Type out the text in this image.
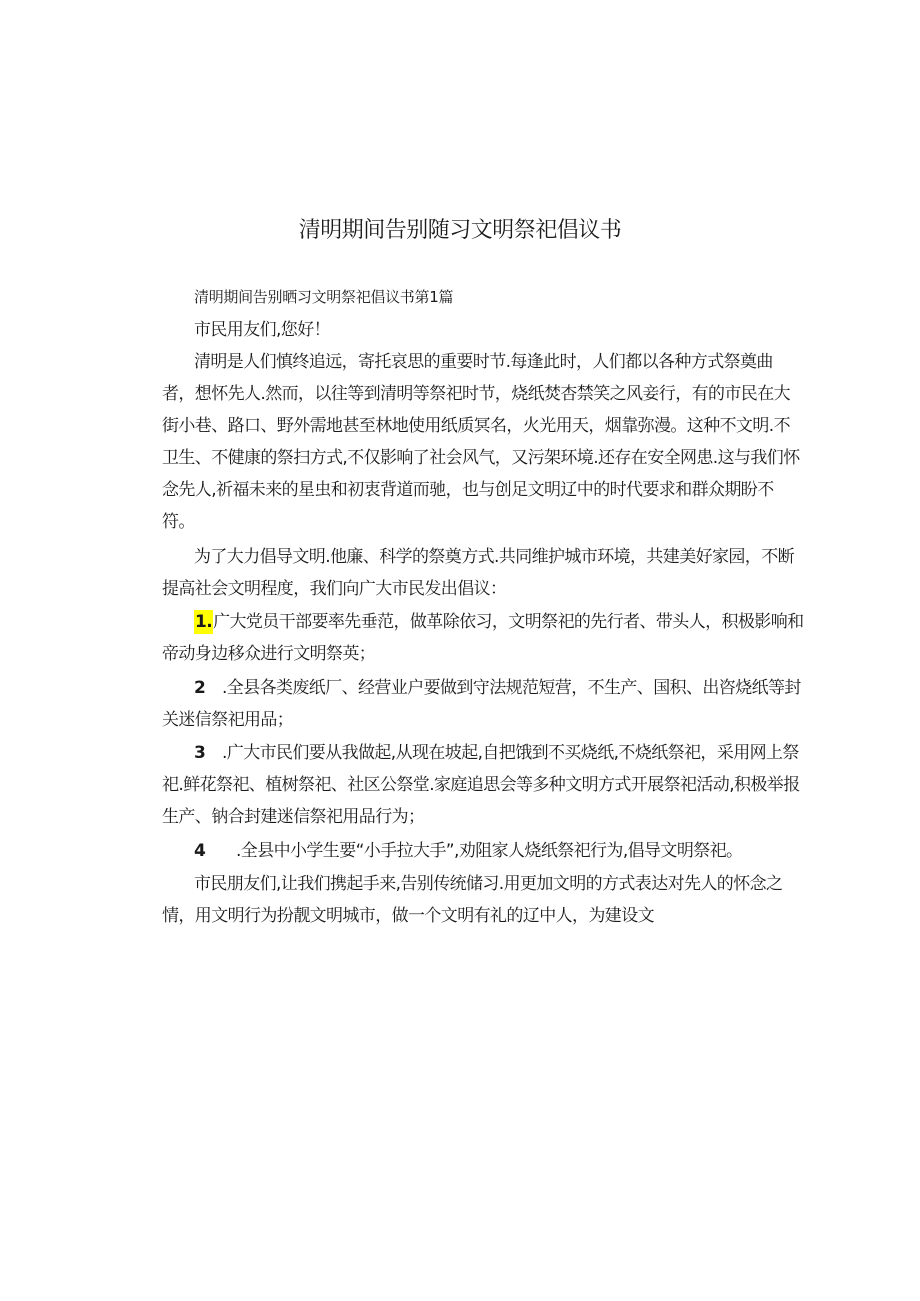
清明期间告别随习文明祭祀倡议书
清明期间告别晒习文明祭祀倡议书第1篇
市民用友们,您好！
清明是人们慎终追远，寄托哀思的重要时节.每逢此时，人们都以各种方式祭奠曲
者，想怀先人.然而，以往等到清明等祭祀时节，烧纸焚杏禁笑之风妾行，有的市民在大
街小巷、路口、野外需地甚至林地使用纸质冥名，火光用天，烟靠弥漫。这种不文明.不
卫生、不健康的祭扫方式,不仅影响了社会风气，又污架环境.还存在安全网患.这与我们怀
念先人,祈福未来的星虫和初衷背道而驰，也与创足文明辽中的时代要求和群众期盼不
符。
为了大力倡导文明.他廉、科学的祭奠方式.共同维护城市环境，共建美好家园，不断
提高社会文明程度，我们向广大市民发出倡议：
1.广大党员干部要率先垂范，做革除依习，文明祭祀的先行者、带头人，积极影响和
帝动身边移众进行文明祭英；
2 .全县各类废纸厂、经营业户要做到守法规范短营，不生产、国积、出咨烧纸等封
关迷信祭祀用品；
3 .广大市民们要从我做起,从现在坡起,自把饿到不买烧纸,不烧纸祭祀，采用网上祭
祀.鲜花祭祀、植树祭祀、社区公祭堂.家庭追思会等多种文明方式开展祭祀活动,积极举报
生产、钠合封建迷信祭祀用品行为；
4 .全县中小学生要“小手拉大手”,劝阻家人烧纸祭祀行为,倡导文明祭祀。
市民朋友们,让我们携起手来,告别传统储习.用更加文明的方式表达对先人的怀念之
情，用文明行为扮靓文明城市，做一个文明有礼的辽中人，为建设文
